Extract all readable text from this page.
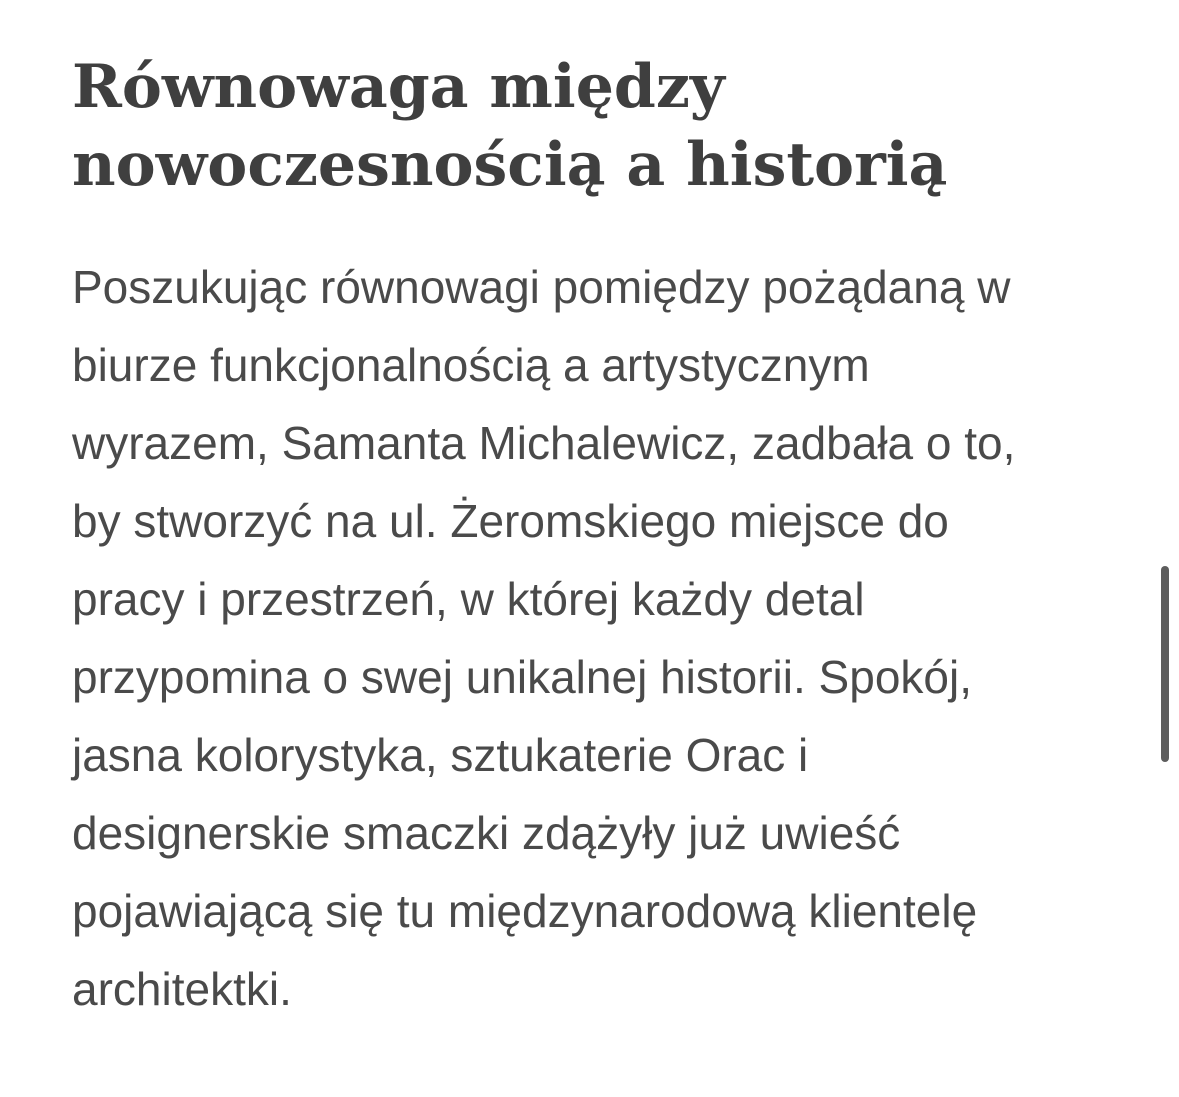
Równowaga między
nowoczesnością a historią

Poszukując równowagi pomiędzy pożądaną w
biurze funkcjonalnością a artystycznym
wyrazem, Samanta Michalewicz, zadbała o to,
by stworzyć na ul. Żeromskiego miejsce do
pracy i przestrzeń, w której każdy detal
przypomina o swej unikalnej historii. Spokój,
jasna kolorystyka, sztukaterie Orac i
designerskie smaczki zdążyły już uwieść
pojawiającą się tu międzynarodową klientelę
architektki.
